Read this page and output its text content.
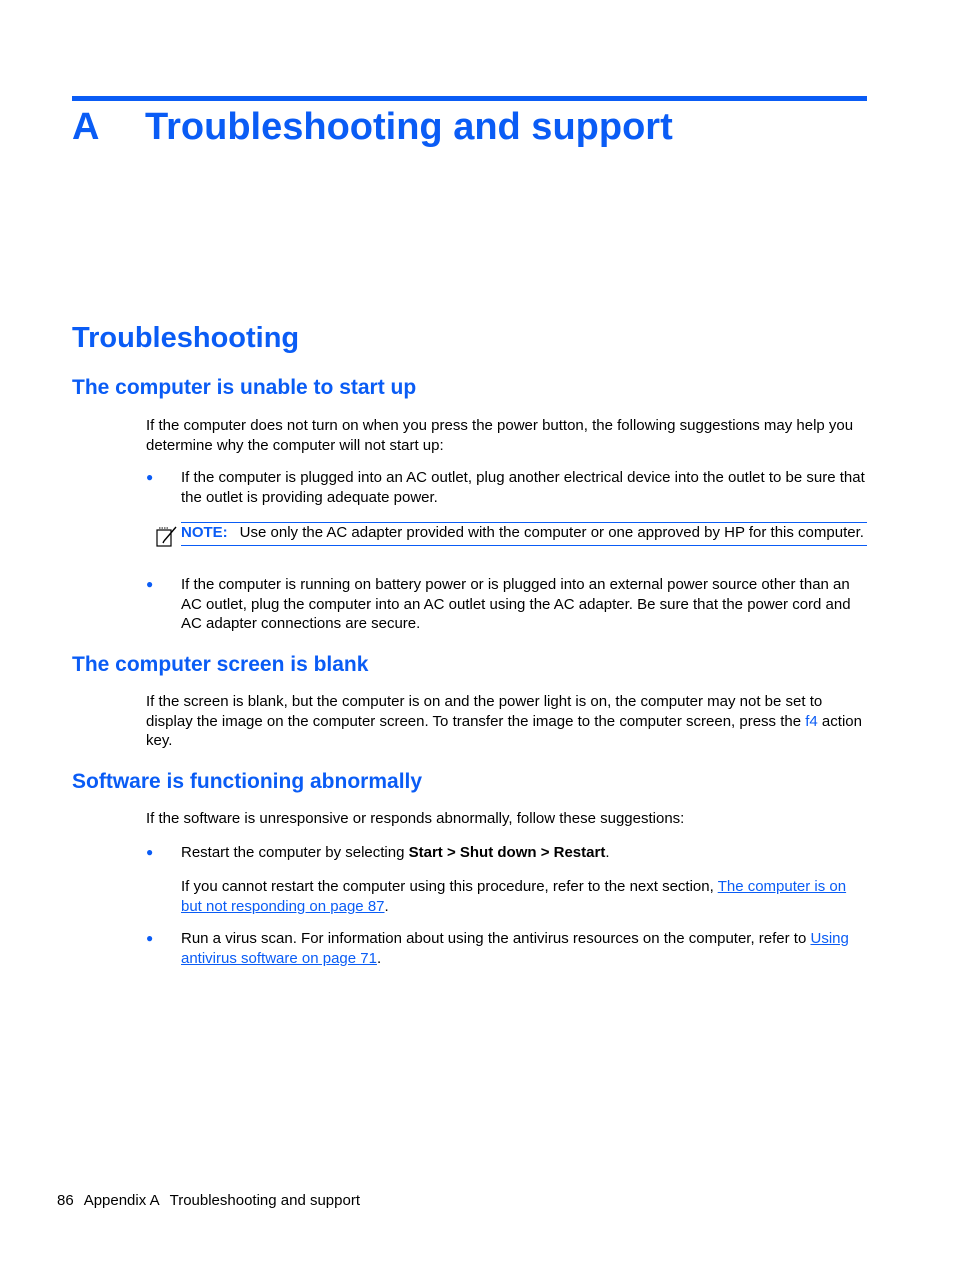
A Troubleshooting and support
Troubleshooting
The computer is unable to start up
If the computer does not turn on when you press the power button, the following suggestions may help you determine why the computer will not start up:
●	If the computer is plugged into an AC outlet, plug another electrical device into the outlet to be sure that the outlet is providing adequate power.
NOTE: Use only the AC adapter provided with the computer or one approved by HP for this computer.
●	If the computer is running on battery power or is plugged into an external power source other than an AC outlet, plug the computer into an AC outlet using the AC adapter. Be sure that the power cord and AC adapter connections are secure.
The computer screen is blank
If the screen is blank, but the computer is on and the power light is on, the computer may not be set to display the image on the computer screen. To transfer the image to the computer screen, press the f4 action key.
Software is functioning abnormally
If the software is unresponsive or responds abnormally, follow these suggestions:
●	Restart the computer by selecting Start > Shut down > Restart.
If you cannot restart the computer using this procedure, refer to the next section, The computer is on but not responding on page 87.
●	Run a virus scan. For information about using the antivirus resources on the computer, refer to Using antivirus software on page 71.
86 Appendix A Troubleshooting and support
